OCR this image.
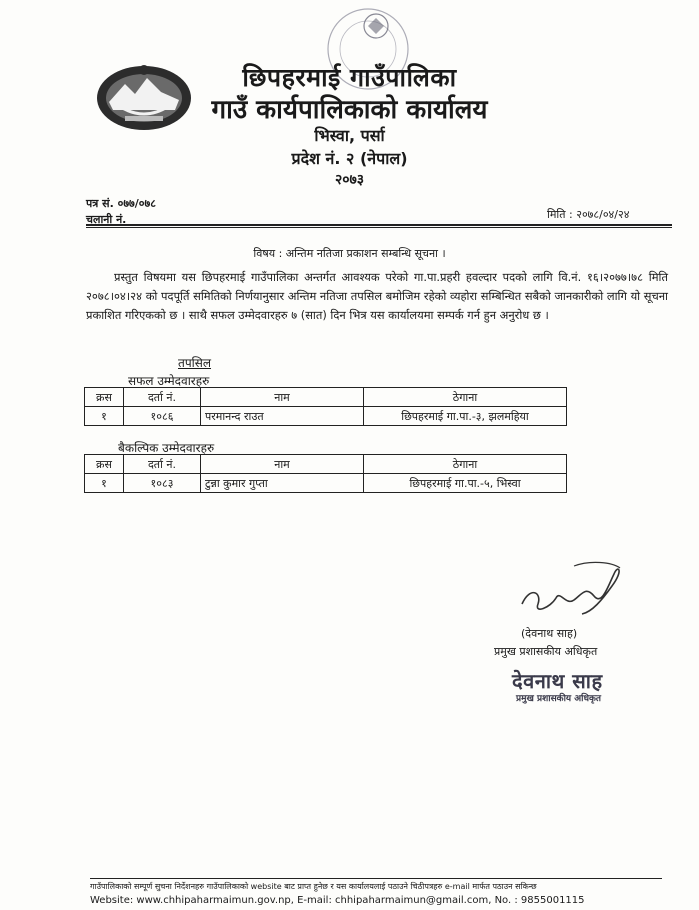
छिपहरमाई गाउँपालिका
गाउँ कार्यपालिकाको कार्यालय
भिस्वा, पर्सा
प्रदेश नं. २ (नेपाल)
२०७३
पत्र सं. ०७७/०७८
चलानी नं.	मिति : २०७८/०४/२४
विषय : अन्तिम नतिजा प्रकाशन सम्बन्धि सूचना ।
प्रस्तुत विषयमा यस छिपहरमाई गाउँपालिका अन्तर्गत आवश्यक परेको गा.पा.प्रहरी हवल्दार पदको लागि वि.नं. १६।२०७७।७८ मिति २०७८।०४।२४ को पदपूर्ति समितिको निर्णयानुसार अन्तिम नतिजा तपसिल बमोजिम रहेको व्यहोरा सम्बिन्धित सबैको जानकारीको लागि यो सूचना प्रकाशित गरिएकको छ । साथै सफल उम्मेदवारहरु ७ (सात) दिन भित्र यस कार्यालयमा सम्पर्क गर्न हुन अनुरोध छ ।
तपसिल
सफल उम्मेदवारहरु
क्रस	दर्ता नं.	नाम	ठेगाना
१	१०८६	परमानन्द राउत	छिपहरमाई गा.पा.-३, झलमहिया
बैकल्पिक उम्मेदवारहरु
क्रस	दर्ता नं.	नाम	ठेगाना
१	१०८३	टुन्ना कुमार गुप्ता	छिपहरमाई गा.पा.-५, भिस्वा
(देवनाथ साह)
प्रमुख प्रशासकीय अधिकृत
देवनाथ साह
प्रमुख प्रशासकीय अधिकृत
गाउँपालिकाको सम्पूर्ण सुचना निर्देशनहरु गाउँपालिकाको website बाट प्राप्त हुनेछ र यस कार्यालयलाई पठाउने चिठीपत्रहरु e-mail मार्फत पठाउन सकिन्छ
Website: www.chhipaharmaimun.gov.np, E-mail: chhipaharmaimun@gmail.com, No. : 9855001115
